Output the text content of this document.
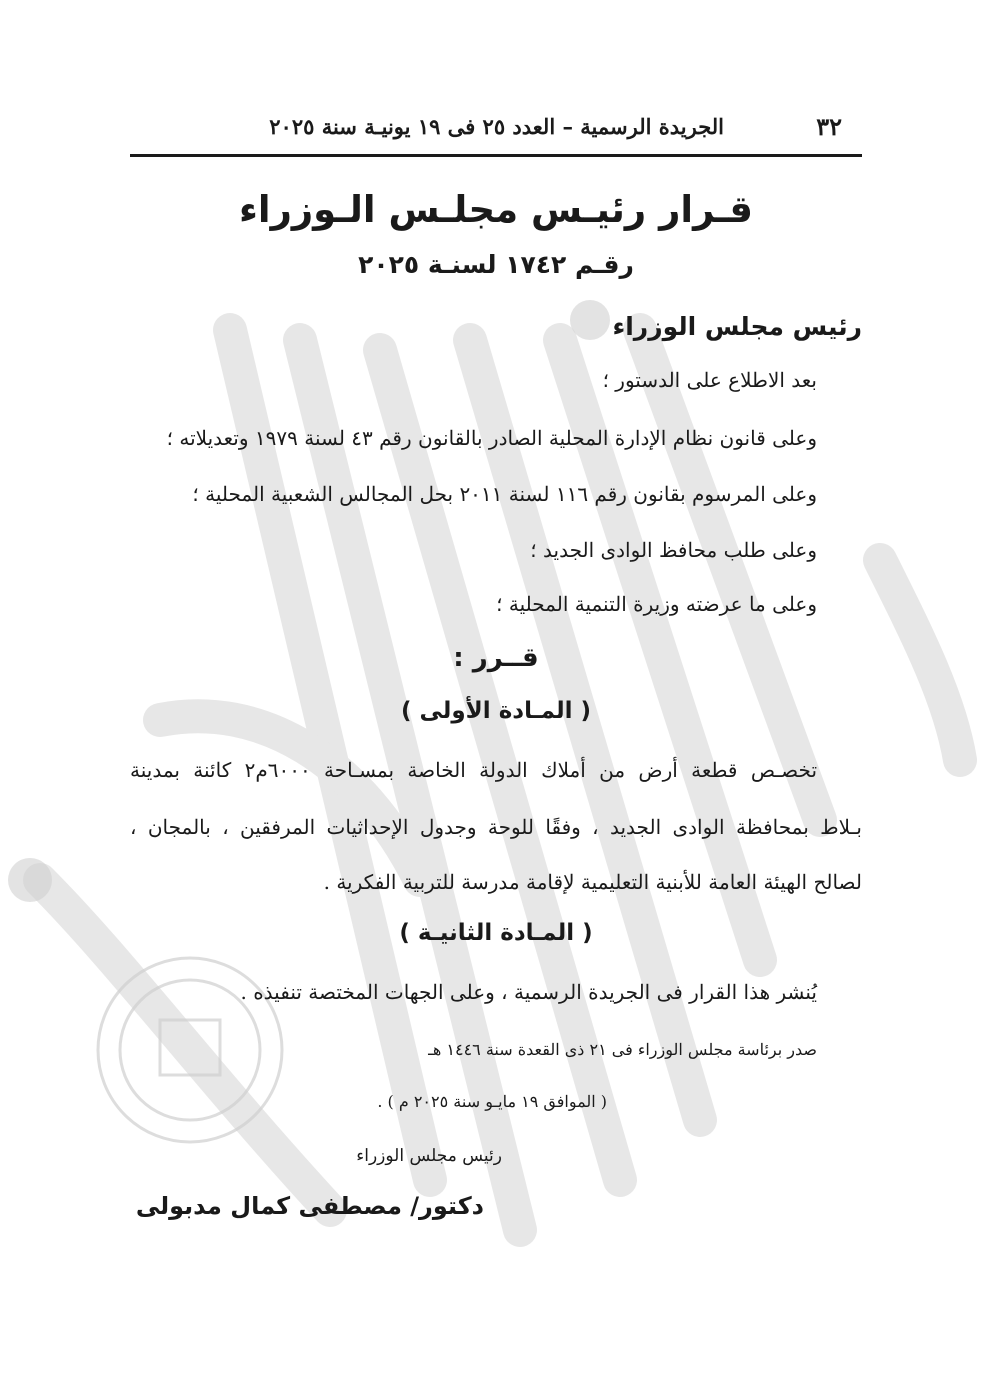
٣٢
الجريدة الرسمية – العدد ٢٥ فى ١٩ يونيـة سنة ٢٠٢٥
قـرار رئيـس مجلـس الـوزراء
رقـم ١٧٤٢ لسنـة ٢٠٢٥
رئيس مجلس الوزراء
بعد الاطلاع على الدستور ؛
وعلى قانون نظام الإدارة المحلية الصادر بالقانون رقم ٤٣ لسنة ١٩٧٩ وتعديلاته ؛
وعلى المرسوم بقانون رقم ١١٦ لسنة ٢٠١١ بحل المجالس الشعبية المحلية ؛
وعلى طلب محافظ الوادى الجديد ؛
وعلى ما عرضته وزيرة التنمية المحلية ؛
قــرر :
( المـادة الأولى )
تخصـص قطعة أرض من أملاك الدولة الخاصة بمسـاحة ٦٠٠٠م٢ كائنة بمدينة
بـلاط بمحافظة الوادى الجديد ، وفقًا للوحة وجدول الإحداثيات المرفقين ، بالمجان ،
لصالح الهيئة العامة للأبنية التعليمية لإقامة مدرسة للتربية الفكرية .
( المـادة الثانيـة )
يُنشر هذا القرار فى الجريدة الرسمية ، وعلى الجهات المختصة تنفيذه .
صدر برئاسة مجلس الوزراء فى ٢١ ذى القعدة سنة ١٤٤٦ هـ
( الموافق ١٩ مايـو سنة ٢٠٢٥ م ) .
رئيس مجلس الوزراء
دكتور/ مصطفى كمال مدبولى
